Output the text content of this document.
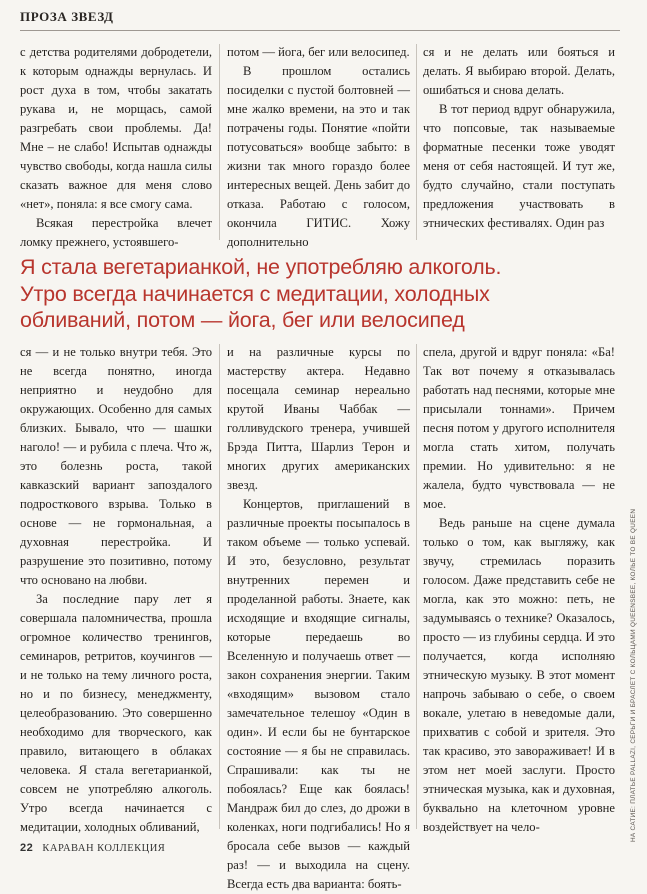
ПРОЗА ЗВЕЗД

с детства родителями добродетели, к которым однажды вернулась. И рост духа в том, чтобы закатать рукава и, не морщась, самой разгребать свои проблемы. Да! Мне – не слабо! Испытав однажды чувство свободы, когда нашла силы сказать важное для меня слово «нет», поняла: я все смогу сама.

Всякая перестройка влечет ломку прежнего, устоявшего-

потом — йога, бег или велосипед.

В прошлом остались посиделки с пустой болтовней — мне жалко времени, на это и так потрачены годы. Понятие «пойти потусоваться» вообще забыто: в жизни так много гораздо более интересных вещей. День забит до отказа. Работаю с голосом, окончила ГИТИС. Хожу дополнительно

ся и не делать или бояться и делать. Я выбираю второй. Делать, ошибаться и снова делать.

В тот период вдруг обнаружила, что попсовые, так называемые форматные песенки тоже уводят меня от себя настоящей. И тут же, будто случайно, стали поступать предложения участвовать в этнических фестивалях. Один раз

Я стала вегетарианкой, не употребляю алкоголь.
Утро всегда начинается с медитации, холодных
обливаний, потом — йога, бег или велосипед

ся — и не только внутри тебя. Это не всегда понятно, иногда неприятно и неудобно для окружающих. Особенно для самых близких. Бывало, что — шашки наголо! — и рубила с плеча. Что ж, это болезнь роста, такой кавказский вариант запоздалого подросткового взрыва. Только в основе — не гормональная, а духовная перестройка. И разрушение это позитивно, потому что основано на любви.

За последние пару лет я совершала паломничества, прошла огромное количество тренингов, семинаров, ретритов, коучингов — и не только на тему личного роста, но и по бизнесу, менеджменту, целеобразованию. Это совершенно необходимо для творческого, как правило, витающего в облаках человека. Я стала вегетарианкой, совсем не употребляю алкоголь. Утро всегда начинается с медитации, холодных обливаний,

и на различные курсы по мастерству актера. Недавно посещала семинар нереально крутой Иваны Чаббак — голливудского тренера, учившей Брэда Питта, Шарлиз Терон и многих других американских звезд.

Концертов, приглашений в различные проекты посыпалось в таком объеме — только успевай. И это, безусловно, результат внутренних перемен и проделанной работы. Знаете, как исходящие и входящие сигналы, которые передаешь во Вселенную и получаешь ответ — закон сохранения энергии. Таким «входящим» вызовом стало замечательное телешоу «Один в один». И если бы не бунтарское состояние — я бы не справилась. Спрашивали: как ты не побоялась? Еще как боялась! Мандраж бил до слез, до дрожи в коленках, ноги подгибались! Но я бросала себе вызов — каждый раз! — и выходила на сцену. Всегда есть два варианта: боять-

спела, другой и вдруг поняла: «Ба! Так вот почему я отказывалась работать над песнями, которые мне присылали тоннами». Причем песня потом у другого исполнителя могла стать хитом, получать премии. Но удивительно: я не жалела, будто чувствовала — не мое.

Ведь раньше на сцене думала только о том, как выгляжу, как звучу, стремилась поразить голосом. Даже представить себе не могла, как это можно: петь, не задумываясь о технике? Оказалось, просто — из глубины сердца. И это получается, когда исполняю этническую музыку. В этот момент напрочь забываю о себе, о своем вокале, улетаю в неведомые дали, прихватив с собой и зрителя. Это так красиво, это завораживает! И в этом нет моей заслуги. Просто этническая музыка, как и духовная, буквально на клеточном уровне воздействует на чело-

22 КАРАВАН КОЛЛЕКЦИЯ
НА САТИЕ: ПЛАТЬЕ PALLAZI, СЕРЬГИ И БРАСЛЕТ С КОЛЬЦАМИ QUEENSBEE, КОЛЬЕ TO BE QUEEN
